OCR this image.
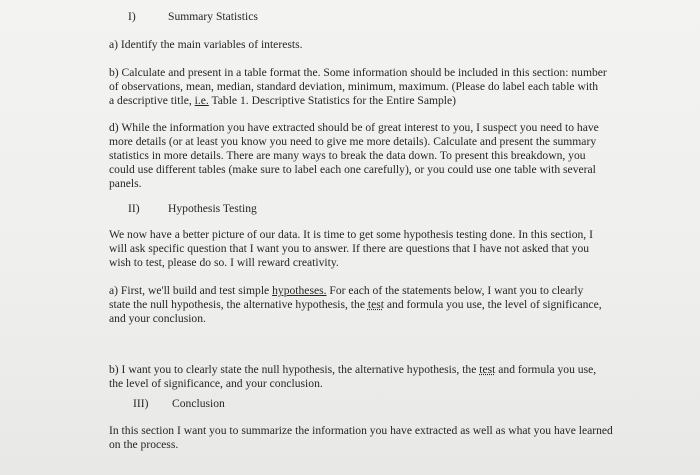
I)	Summary Statistics
a) Identify the main variables of interests.
b) Calculate and present in a table format the. Some information should be included in this section: number
of observations, mean, median, standard deviation, minimum, maximum. (Please do label each table with
a descriptive title, i.e. Table 1. Descriptive Statistics for the Entire Sample)
d) While the information you have extracted should be of great interest to you, I suspect you need to have
more details (or at least you know you need to give me more details). Calculate and present the summary
statistics in more details. There are many ways to break the data down. To present this breakdown, you
could use different tables (make sure to label each one carefully), or you could use one table with several
panels.
II) Hypothesis Testing
We now have a better picture of our data. It is time to get some hypothesis testing done. In this section, I
will ask specific question that I want you to answer. If there are questions that I have not asked that you
wish to test, please do so. I will reward creativity.
a) First, we'll build and test simple hypotheses. For each of the statements below, I want you to clearly
state the null hypothesis, the alternative hypothesis, the test and formula you use, the level of significance,
and your conclusion.
b) I want you to clearly state the null hypothesis, the alternative hypothesis, the test and formula you use,
the level of significance, and your conclusion.
III) Conclusion
In this section I want you to summarize the information you have extracted as well as what you have learned
on the process.
